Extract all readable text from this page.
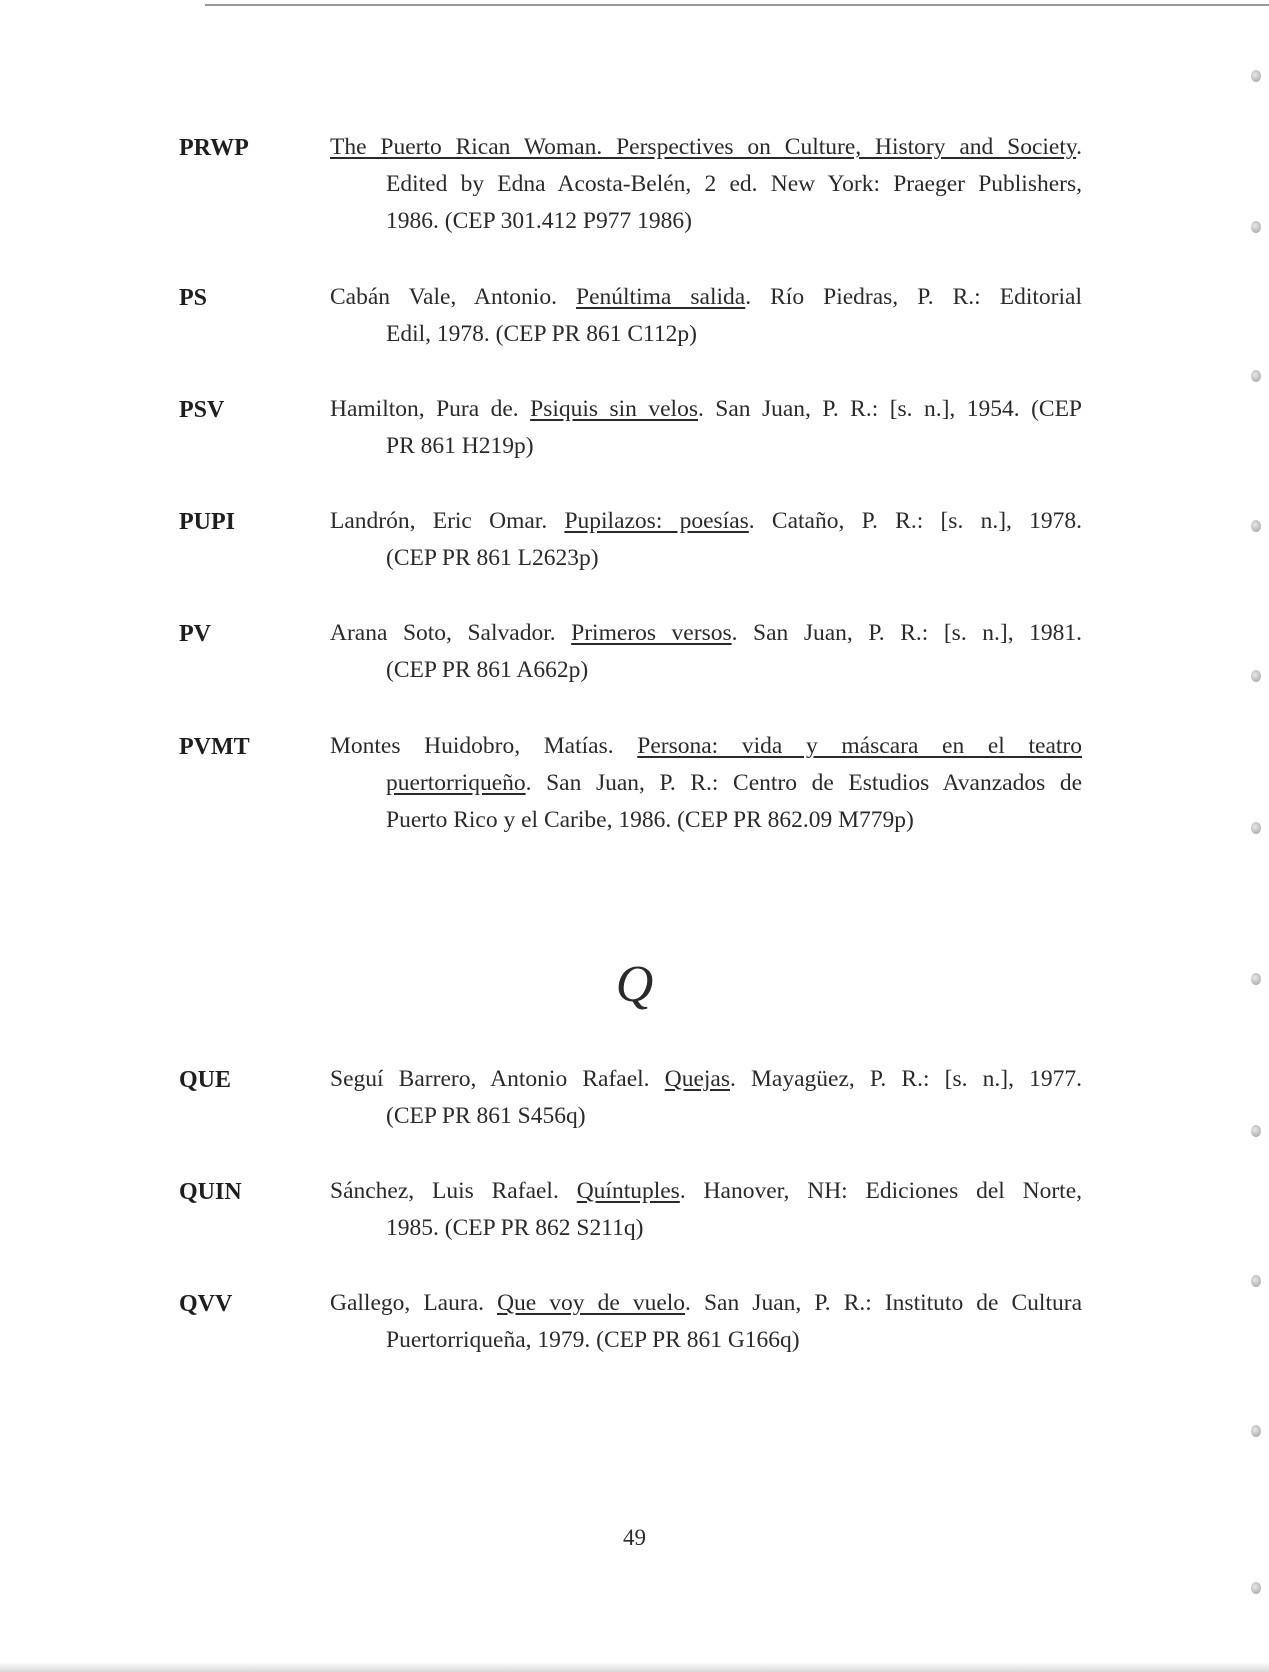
PRWP	The Puerto Rican Woman. Perspectives on Culture, History and Society.
Edited by Edna Acosta-Belén, 2 ed. New York: Praeger Publishers,
1986. (CEP 301.412 P977 1986)
PS	Cabán Vale, Antonio. Penúltima salida. Río Piedras, P. R.: Editorial
Edil, 1978. (CEP PR 861 C112p)
PSV	Hamilton, Pura de. Psiquis sin velos. San Juan, P. R.: [s. n.], 1954. (CEP
PR 861 H219p)
PUPI	Landrón, Eric Omar. Pupilazos: poesías. Cataño, P. R.: [s. n.], 1978.
(CEP PR 861 L2623p)
PV	Arana Soto, Salvador. Primeros versos. San Juan, P. R.: [s. n.], 1981.
(CEP PR 861 A662p)
PVMT	Montes Huidobro, Matías. Persona: vida y máscara en el teatro
puertorriqueño. San Juan, P. R.: Centro de Estudios Avanzados de
Puerto Rico y el Caribe, 1986. (CEP PR 862.09 M779p)
QUE	Seguí Barrero, Antonio Rafael. Quejas. Mayagüez, P. R.: [s. n.], 1977.
(CEP PR 861 S456q)
QUIN	Sánchez, Luis Rafael. Quíntuples. Hanover, NH: Ediciones del Norte,
1985. (CEP PR 862 S211q)
QVV	Gallego, Laura. Que voy de vuelo. San Juan, P. R.: Instituto de Cultura
Puertorriqueña, 1979. (CEP PR 861 G166q)
Q
49
